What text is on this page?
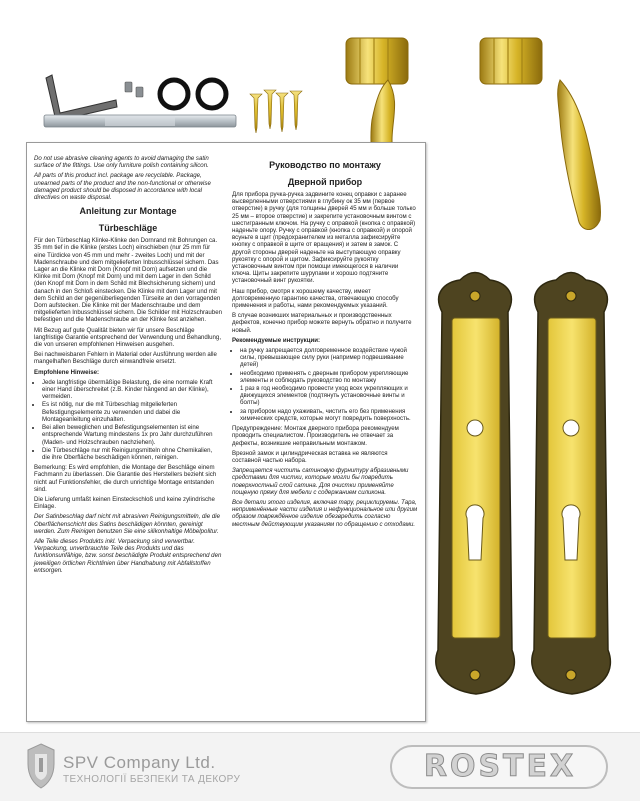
Do not use abrasive cleaning agents to avoid damaging the satin surface of the fittings. Use only furniture polish containing silicon.

All parts of this product incl. package are recyclable. Package, unearned parts of the product and the non-functional or otherwise damaged product should be disposed in accordance with local directives on waste disposal.

Anleitung zur Montage
Türbeschläge

Für den Türbeschlag Klinke-Klinke den Dornrand mit Bohrungen ca. 35 mm tief in die Klinke (erstes Loch) einschieben (nur 25 mm für eine Türdicke von 45 mm und mehr - zweites Loch) und mit der Madenschraube und dem mitgelieferten Inbusschlüssel sichern. Das Lager an die Klinke mit Dorn (Knopf mit Dorn) aufsetzen und die Klinke mit Dorn (Knopf mit Dorn) und mit dem Lager in den Schild (den Knopf mit Dorn in dem Schild mit Blechsicherung sichern) und danach in den Schloß einstecken. Die Klinke mit dem Lager und mit dem Schild an der gegenüberliegenden Türseite an den vorragenden Dorn aufstecken. Die Klinke mit der Madenschraube und dem mitgelieferten Inbusschlüssel sichern. Die Schilder mit Holzschrauben befestigen und die Madenschraube an der Klinke fest anziehen.

Mit Bezug auf gute Qualität bieten wir für unsere Beschläge langfristige Garantie entsprechend der Verwendung und Behandlung, die von unseren empfohlenen Hinweisen ausgehen.

Bei nachweisbaren Fehlern in Material oder Ausführung werden alle mangelhaften Beschläge durch einwandfreie ersetzt.

Empfohlene Hinweise:

• Jede langfristige übermäßige Belastung, die eine normale Kraft einer Hand überschreitet (z.B. Kinder hängend an der Klinke), vermeiden.
• Es ist nötig, nur die mit Türbeschlag mitgelieferten Befestigungselemente zu verwenden und dabei die Montageanleitung einzuhalten.
• Bei allen beweglichen und Befestigungselementen ist eine entsprechende Wartung mindestens 1x pro Jahr durchzuführen (Maden- und Holzschrauben nachziehen).
• Die Türbeschläge nur mit Reinigungsmitteln ohne Chemikalien, die ihre Oberfläche beschädigen können, reinigen.

Bemerkung: Es wird empfohlen, die Montage der Beschläge einem Fachmann zu überlassen. Die Garantie des Herstellers bezieht sich nicht auf Funktionsfehler, die durch unrichtige Montage entstanden sind.

Die Lieferung umfaßt keinen Einsteckschloß und keine zylindrische Einlage.

Der Satinbeschlag darf nicht mit abrasiven Reinigungsmitteln, die die Oberflächenschicht des Satins beschädigen könnten, gereinigt werden. Zum Reinigen benutzen Sie eine silikonhaltige Möbelpolitur.

Alle Teile dieses Produkts inkl. Verpackung sind verwertbar. Verpackung, unverbrauchte Teile des Produkts und das funktionsunfähige, bzw. sonst beschädigte Produkt entsprechend den jeweiligen örtlichen Richtlinien über Handhabung mit Abfallstoffen entsorgen.

Руководство по монтажу
Дверной прибор

Для прибора ручка-ручка задвините конец оправки с заранее высверленными отверстиями в глубину ок 35 мм (первое отверстие) в ручку (для толщины дверей 45 мм и больше только 25 мм – второе отверстие) и закрепите установочным винтом с шестигранным ключом. На ручку с оправкой (кнопка с оправкой) наденьте опору. Ручку с оправкой (кнопка с оправкой) и опорой всуньте в щит (предохранителем из металла зафиксируйте кнопку с оправкой в щите от вращения) и затем в замок. С другой стороны дверей наденьте на выступающую оправку рукоятку с опорой и щитом. Зафиксируйте рукоятку установочным винтом при помощи имеющегося в наличии ключа. Щиты закрепите шурупами и хорошо подтяните установочный винт рукоятки.

Наш прибор, смотря к хорошему качеству, имеет долговременную гарантию качества, отвечающую способу применения и работы, нами рекомендуемых указаний.

В случае возникших материальных и производственных дефектов, конечно прибор можете вернуть обратно и получите новый.

Рекомендуемые инструкции:

• на ручку запрещается долговременное воздействие чужой силы, превышающее силу руки (например подвешивание детей)
• необходимо применять с дверным прибором укрепляющие элементы и соблюдать руководство по монтажу
• 1 раз в год необходимо провести уход всех укрепляющих и движущихся элементов (подтянуть установочные винты и болты)
• за прибором надо ухаживать, чистить его без применения химических средств, которые могут повредить поверхность.

Предупреждение: Монтаж дверного прибора рекомендуем проводить специалистом. Производитель не отвечает за дефекты, возникшие неправильным монтажом.

Врезной замок и цилиндрическая вставка не являются составной частью набора.

Запрещается чистить сатиновую фурнитуру абразивными средствами для чистки, которые могли бы повредить поверхностный слой сатина. Для очистки применяйте пощеную пряжу для мебели с содержанием силикона.

Все детали этого изделия, включая тару, рециклируемы. Тара, неприменённые части изделия и нефункциональное или другим образом повреждённое изделие обезвредить согласно местным действующим указаниям по обращению с отходами.

SPV Company Ltd.
ТЕХНОЛОГІЇ БЕЗПЕКИ ТА ДЕКОРУ	ROSTEX
